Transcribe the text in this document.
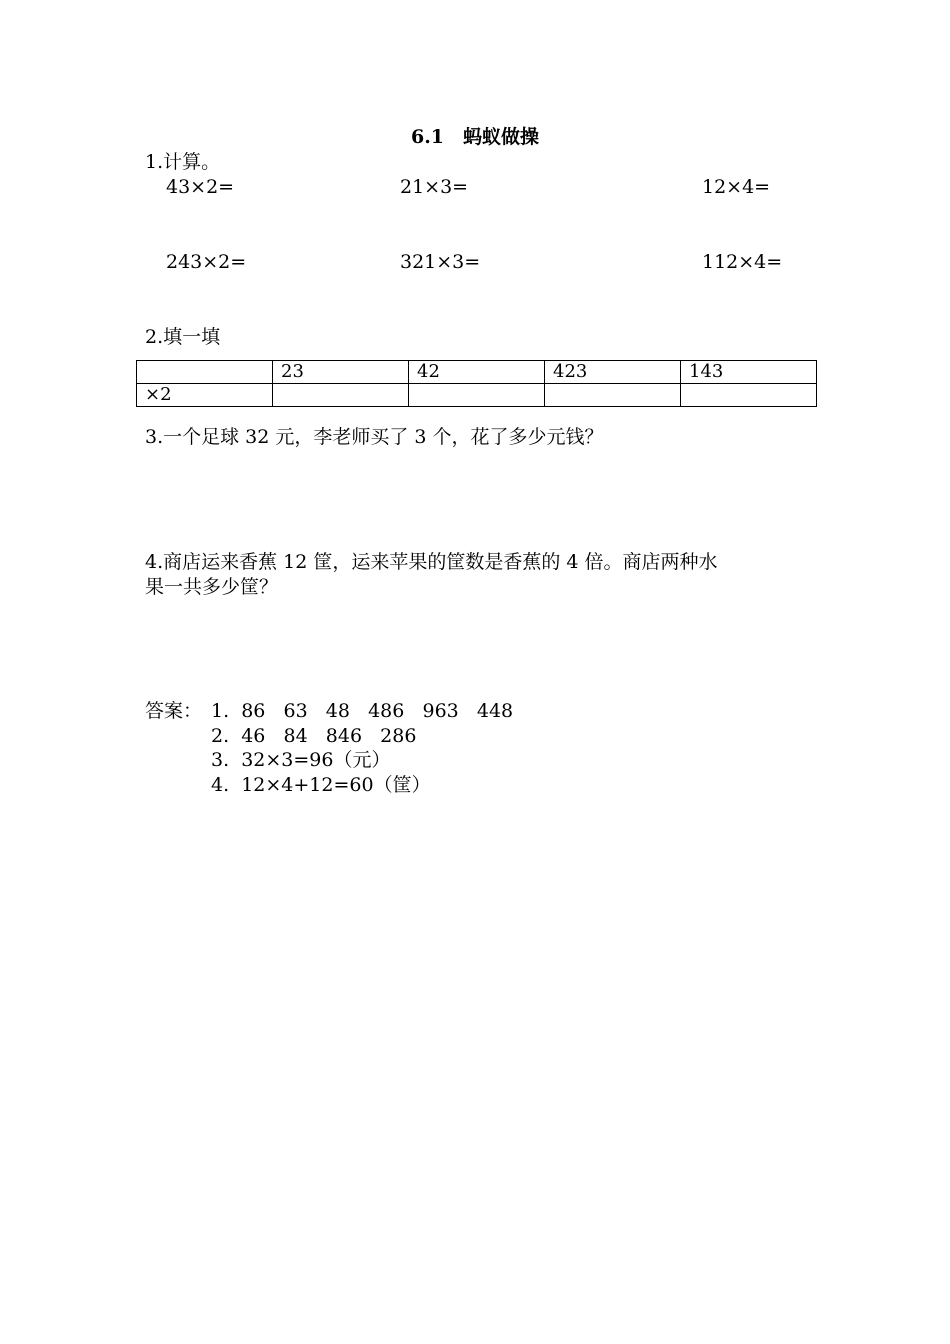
6.1　蚂蚁做操
1.计算。
43×2=	21×3=	12×4=
243×2=	321×3=	112×4=
2.填一填
	23	42	423	143
×2				
3.一个足球 32 元，李老师买了 3 个，花了多少元钱？
4.商店运来香蕉 12 筐，运来苹果的筐数是香蕉的 4 倍。商店两种水
果一共多少筐？
答案： 1.  86   63   48   486   963   448
2.  46   84   846   286
3.  32×3=96（元）
4.  12×4+12=60（筐）
